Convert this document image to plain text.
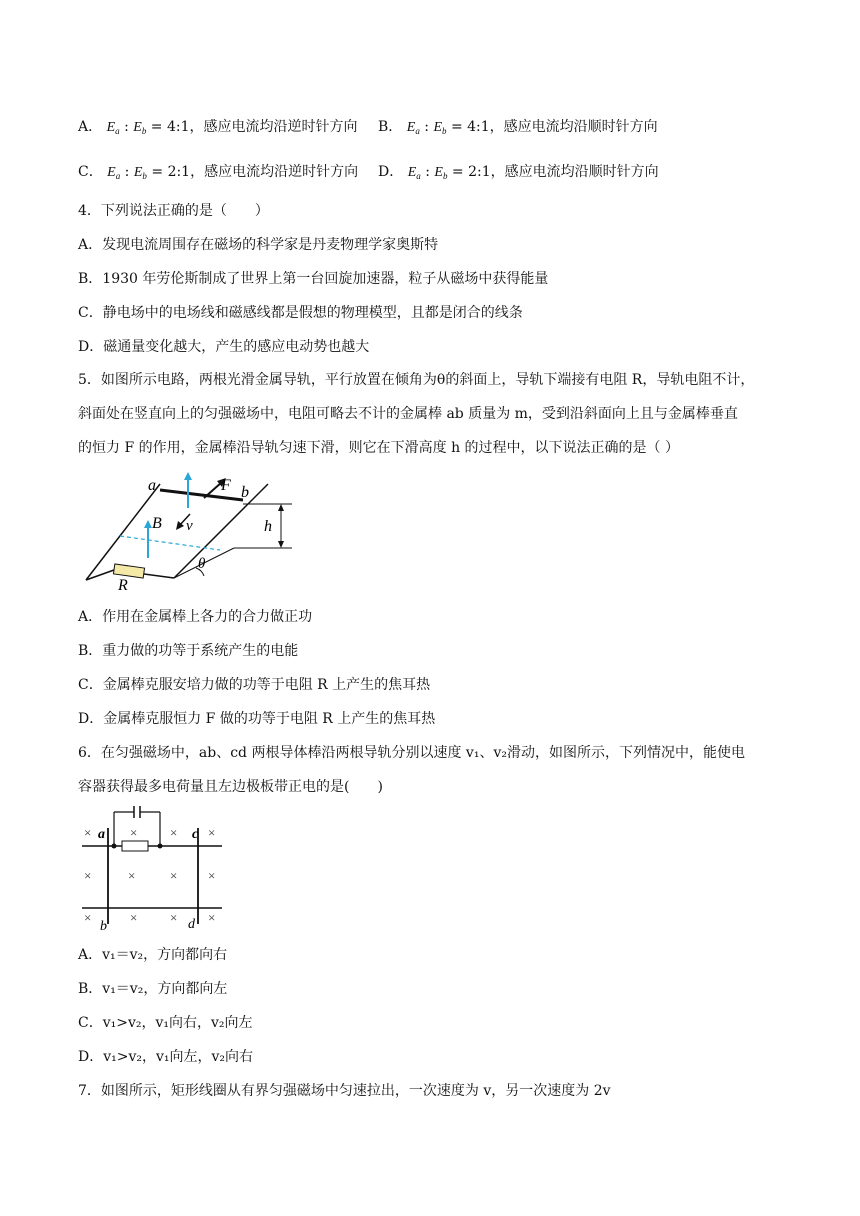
A． $E_a$ : $E_b$ = 4:1，感应电流均沿逆时针方向 B． $E_a$ : $E_b$ = 4:1，感应电流均沿顺时针方向
C． $E_a$ : $E_b$ = 2:1，感应电流均沿逆时针方向 D． $E_a$ : $E_b$ = 2:1，感应电流均沿顺时针方向
4．下列说法正确的是（　　）
A．发现电流周围存在磁场的科学家是丹麦物理学家奥斯特
B．1930 年劳伦斯制成了世界上第一台回旋加速器，粒子从磁场中获得能量
C．静电场中的电场线和磁感线都是假想的物理模型，且都是闭合的线条
D．磁通量变化越大，产生的感应电动势也越大
5．如图所示电路，两根光滑金属导轨，平行放置在倾角为θ的斜面上，导轨下端接有电阻 R，导轨电阻不计，
斜面处在竖直向上的匀强磁场中，电阻可略去不计的金属棒 ab 质量为 m，受到沿斜面向上且与金属棒垂直
的恒力 F 的作用，金属棒沿导轨匀速下滑，则它在下滑高度 h 的过程中，以下说法正确的是（ ）
h
R
θ
a	b
F
B v
A．作用在金属棒上各力的合力做正功
B．重力做的功等于系统产生的电能
C．金属棒克服安培力做的功等于电阻 R 上产生的焦耳热
D．金属棒克服恒力 F 做的功等于电阻 R 上产生的焦耳热
6．在匀强磁场中，ab、cd 两根导体棒沿两根导轨分别以速度 v₁、v₂滑动，如图所示，下列情况中，能使电
容器获得最多电荷量且左边极板带正电的是(　　)
a	c
b	d
×	×	× ×
×	×	× ×
×	×	× ×
A．v₁＝v₂，方向都向右
B．v₁＝v₂，方向都向左
C．v₁>v₂，v₁向右，v₂向左
D．v₁>v₂，v₁向左，v₂向右
7．如图所示，矩形线圈从有界匀强磁场中匀速拉出，一次速度为 v，另一次速度为 2v
